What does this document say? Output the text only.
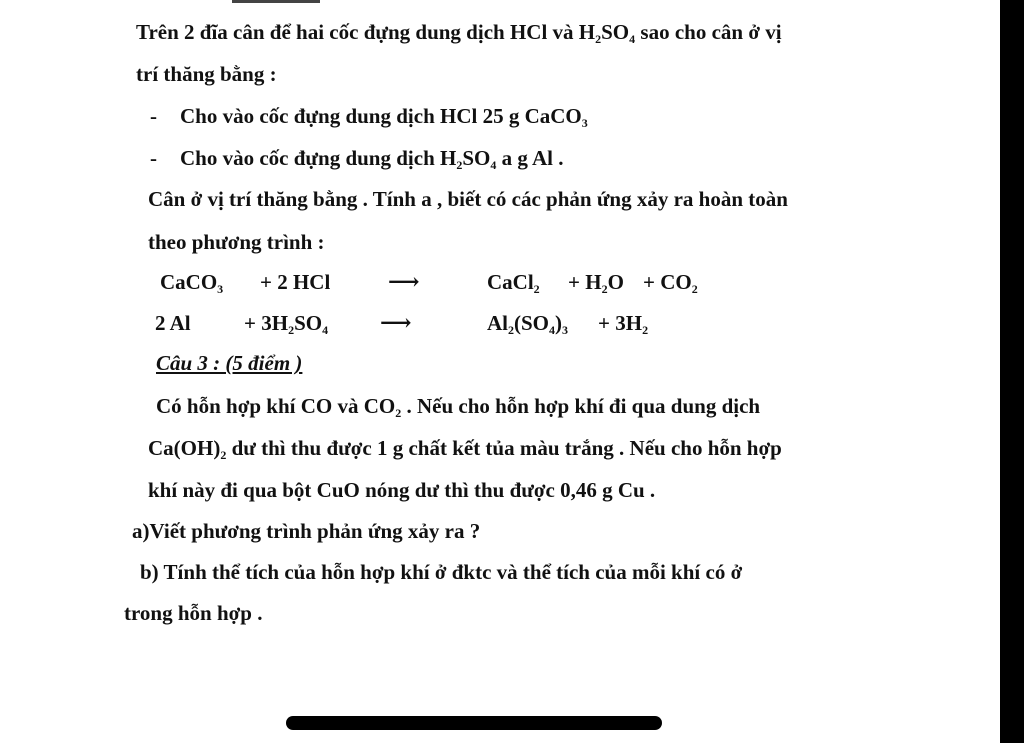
Trên 2 đĩa cân để hai cốc đựng dung dịch HCl và $H_2SO_4$ sao cho cân ở vị
trí thăng bằng :
- Cho vào cốc đựng dung dịch HCl 25 g CaCO$_3$
- Cho vào cốc đựng dung dịch $H_2SO_4$ a g Al .
Cân ở vị trí thăng bằng . Tính a , biết có các phản ứng xảy ra hoàn toàn
theo phương trình :
CaCO$_3$ + 2 HCl	⟶	CaCl$_2$ + $H_2O + CO_2$
2 Al	+ $3H_2SO_4$ ⟶	$Al_2(SO_4)_3 + 3H_2$
Câu 3 : (5 điểm )
Có hỗn hợp khí CO và $CO_2$ . Nếu cho hỗn hợp khí đi qua dung dịch
$Ca(OH)_2$ dư thì thu được 1 g chất kết tủa màu trắng . Nếu cho hỗn hợp
khí này đi qua bột CuO nóng dư thì thu được 0,46 g Cu .
a)Viết phương trình phản ứng xảy ra ?
b) Tính thể tích của hỗn hợp khí ở đktc và thể tích của mỗi khí có ở
trong hỗn hợp .
